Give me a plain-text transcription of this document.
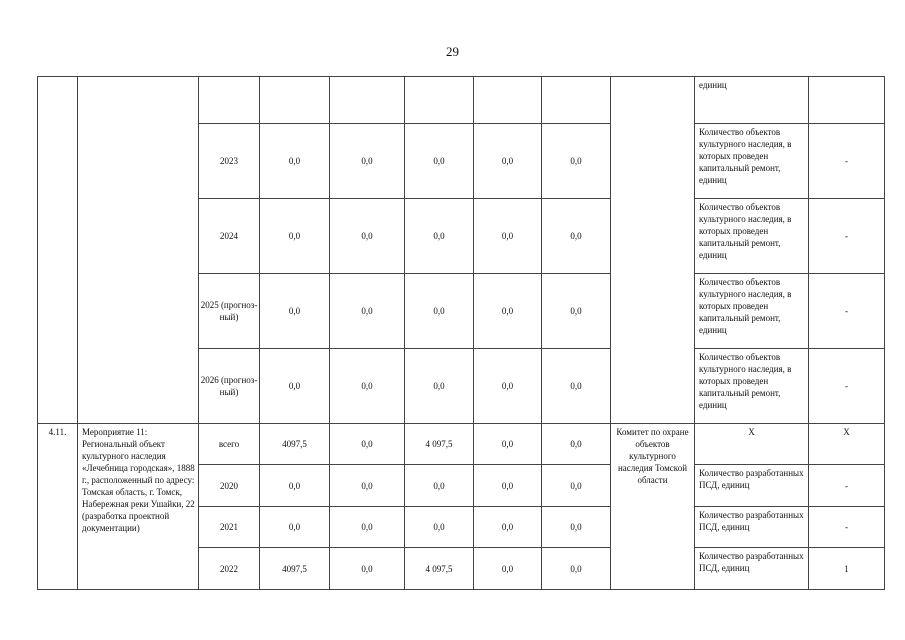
29
									единиц	
		2023	0,0	0,0	0,0	0,0	0,0		Количество объектов культурного наследия, в которых проведен капитальный ремонт, единиц	-
		2024	0,0	0,0	0,0	0,0	0,0		Количество объектов культурного наследия, в которых проведен капитальный ремонт, единиц	-
		2025 (прогноз-ный)	0,0	0,0	0,0	0,0	0,0		Количество объектов культурного наследия, в которых проведен капитальный ремонт, единиц	-
		2026 (прогноз-ный)	0,0	0,0	0,0	0,0	0,0		Количество объектов культурного наследия, в которых проведен капитальный ремонт, единиц	-
4.11.	Мероприятие 11: Региональный объект культурного наследия «Лечебница городская», 1888 г., расположенный по адресу: Томская область, г. Томск, Набережная реки Ушайки, 22 (разработка проектной документации)	всего	4097,5	0,0	4 097,5	0,0	0,0	Комитет по охране объектов культурного наследия Томской области	Х	Х
		2020	0,0	0,0	0,0	0,0	0,0		Количество разработанных ПСД, единиц	-
		2021	0,0	0,0	0,0	0,0	0,0		Количество разработанных ПСД, единиц	-
		2022	4097,5	0,0	4 097,5	0,0	0,0		Количество разработанных ПСД, единиц	1
